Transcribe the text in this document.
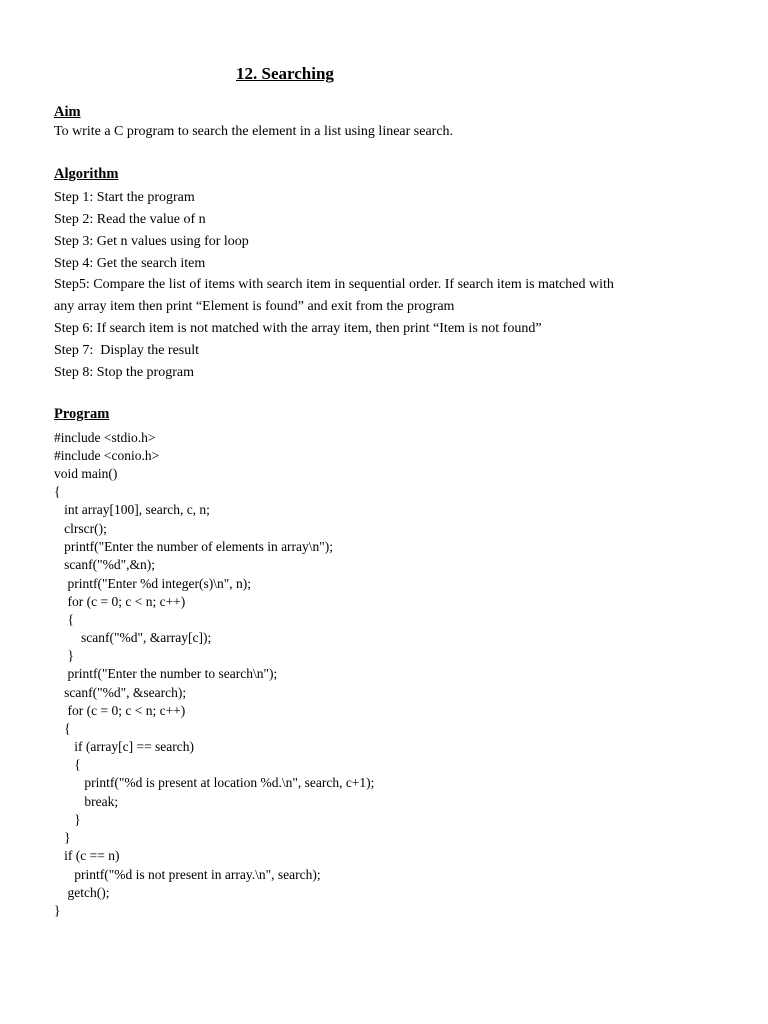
12. Searching
Aim
To write a C program to search the element in a list using linear search.
Algorithm
Step 1: Start the program
Step 2: Read the value of n
Step 3: Get n values using for loop
Step 4: Get the search item
Step5: Compare the list of items with search item in sequential order. If search item is matched with
any array item then print “Element is found” and exit from the program
Step 6: If search item is not matched with the array item, then print “Item is not found”
Step 7:  Display the result
Step 8: Stop the program
Program
#include <stdio.h>
#include <conio.h>
void main()
{
int array[100], search, c, n;
clrscr();
printf("Enter the number of elements in array\n");
scanf("%d",&n);
printf("Enter %d integer(s)\n", n);
for (c = 0; c < n; c++)
{
scanf("%d", &array[c]);
}
printf("Enter the number to search\n");
scanf("%d", &search);
for (c = 0; c < n; c++)
{
if (array[c] == search)
{
printf("%d is present at location %d.\n", search, c+1);
break;
}
}
if (c == n)
printf("%d is not present in array.\n", search);
getch();
}
